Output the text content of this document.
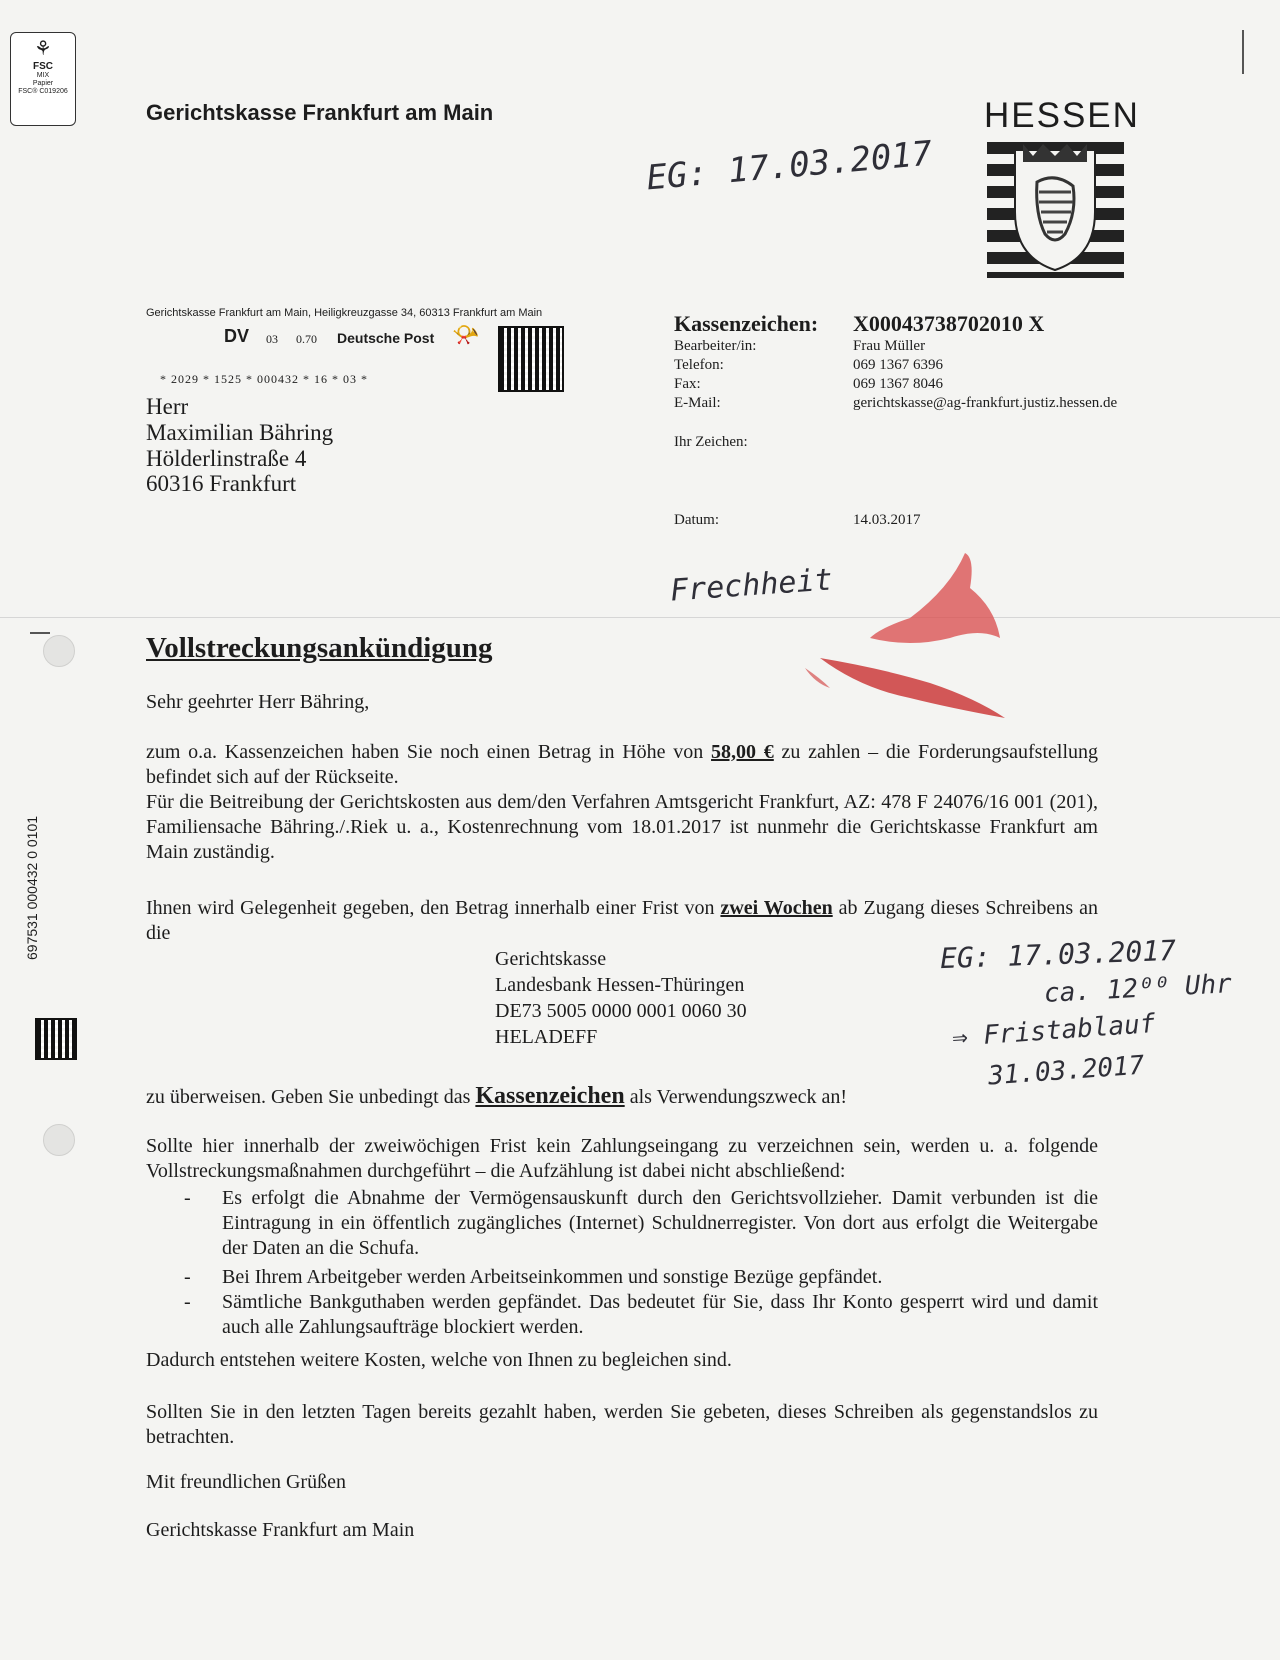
⚘
FSC
MIX
Papier
FSC® C019206
Gerichtskasse Frankfurt am Main	HESSEN
EG: 17.03.2017
Gerichtskasse Frankfurt am Main, Heiligkreuzgasse 34, 60313 Frankfurt am Main
DV 03 0.70 Deutsche Post 📯
* 2029 * 1525 * 000432 * 16 * 03 *
Herr
Maximilian Bähring
Hölderlinstraße 4
60316 Frankfurt
Kassenzeichen: X00043738702010 X
Bearbeiter/in:	Frau Müller
Telefon:	069 1367 6396
Fax:	069 1367 8046
E-Mail:	gerichtskasse@ag-frankfurt.justiz.hessen.de
Ihr Zeichen:
Datum:	14.03.2017
Frechheit
697531 000432 0 0101
Vollstreckungsankündigung
Sehr geehrter Herr Bähring,
zum o.a. Kassenzeichen haben Sie noch einen Betrag in Höhe von 58,00 € zu zahlen – die Forderungsaufstellung befindet sich auf der Rückseite.
Für die Beitreibung der Gerichtskosten aus dem/den Verfahren Amtsgericht Frankfurt, AZ: 478 F 24076/16 001 (201), Familiensache Bähring./.Riek u. a., Kostenrechnung vom 18.01.2017 ist nunmehr die Gerichtskasse Frankfurt am Main zuständig.
Ihnen wird Gelegenheit gegeben, den Betrag innerhalb einer Frist von zwei Wochen ab Zugang dieses Schreibens an die
Gerichtskasse
Landesbank Hessen-Thüringen
DE73 5005 0000 0001 0060 30
HELADEFF
EG: 17.03.2017
ca. 12⁰⁰ Uhr
⇒ Fristablauf
31.03.2017
zu überweisen. Geben Sie unbedingt das Kassenzeichen als Verwendungszweck an!
Sollte hier innerhalb der zweiwöchigen Frist kein Zahlungseingang zu verzeichnen sein, werden u. a. folgende Vollstreckungsmaßnahmen durchgeführt – die Aufzählung ist dabei nicht abschließend:
- Es erfolgt die Abnahme der Vermögensauskunft durch den Gerichtsvollzieher. Damit verbunden ist die Eintragung in ein öffentlich zugängliches (Internet) Schuldnerregister. Von dort aus erfolgt die Weitergabe der Daten an die Schufa.
- Bei Ihrem Arbeitgeber werden Arbeitseinkommen und sonstige Bezüge gepfändet.
- Sämtliche Bankguthaben werden gepfändet. Das bedeutet für Sie, dass Ihr Konto gesperrt wird und damit auch alle Zahlungsaufträge blockiert werden.
Dadurch entstehen weitere Kosten, welche von Ihnen zu begleichen sind.
Sollten Sie in den letzten Tagen bereits gezahlt haben, werden Sie gebeten, dieses Schreiben als gegenstandslos zu betrachten.
Mit freundlichen Grüßen
Gerichtskasse Frankfurt am Main
